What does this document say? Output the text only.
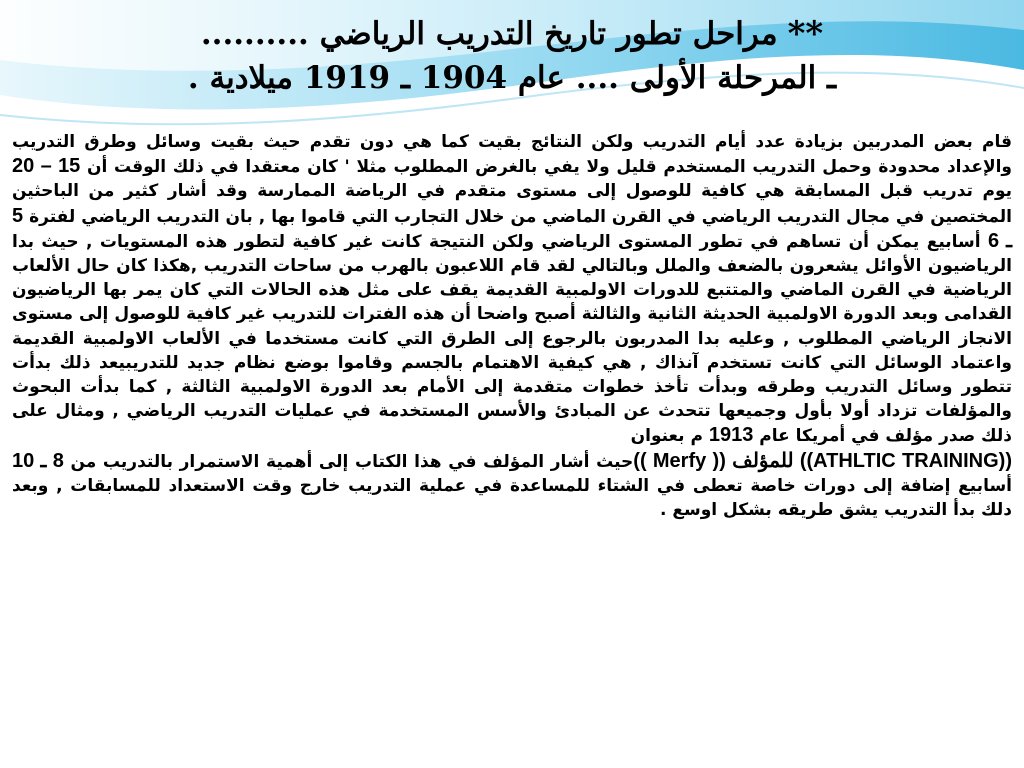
**
مراحل تطور تاريخ التدريب الرياضي ..........
ـ المرحلة الأولى .... عام 1904 ـ 1919 ميلادية .

قام بعض المدربين بزيادة عدد أيام التدريب ولكن النتائج بقيت كما هي دون تقدم حيث بقيت وسائل وطرق التدريب والإعداد محدودة وحمل التدريب المستخدم قليل ولا يفي بالغرض المطلوب مثلا ' كان معتقدا في ذلك الوقت أن 15 – 20 يوم تدريب قبل المسابقة هي كافية للوصول إلى مستوى متقدم في الرياضة الممارسة وقد أشار كثير من الباحثين المختصين في مجال التدريب الرياضي في القرن الماضي من خلال التجارب التي قاموا بها , بان التدريب الرياضي لفترة 5 ـ 6 أسابيع يمكن أن تساهم في تطور المستوى الرياضي ولكن النتيجة كانت غير كافية لتطور هذه المستويات , حيث بدا الرياضيون الأوائل يشعرون بالضعف والملل وبالتالي لقد قام اللاعبون بالهرب من ساحات التدريب ,هكذا كان حال الألعاب الرياضية في القرن الماضي والمتتبع للدورات الاولمبية القديمة يقف على مثل هذه الحالات التي كان يمر بها الرياضيون القدامى وبعد الدورة الاولمبية الحديثة الثانية والثالثة أصبح واضحا أن هذه الفترات للتدريب غير كافية للوصول إلى مستوى الانجاز الرياضي المطلوب , وعليه بدا المدربون بالرجوع إلى الطرق التي كانت مستخدما في الألعاب الاولمبية القديمة واعتماد الوسائل التي كانت تستخدم آنذاك , هي كيفية الاهتمام بالجسم وقاموا بوضع نظام جديد للتدريبيعد ذلك بدأت تتطور وسائل التدريب وطرقه وبدأت تأخذ خطوات متقدمة إلى الأمام بعد الدورة الاولمبية الثالثة , كما بدأت البحوث والمؤلفات تزداد أولا بأول وجميعها تتحدث عن المبادئ والأسس المستخدمة في عمليات التدريب الرياضي , ومثال على ذلك صدر مؤلف في أمريكا عام 1913 م بعنوان
((ATHLTIC TRAINING)) للمؤلف (( Merfy ))حيث أشار المؤلف في هذا الكتاب إلى أهمية الاستمرار بالتدريب من 8 ـ 10 أسابيع إضافة إلى دورات خاصة تعطى في الشتاء للمساعدة في عملية التدريب خارج وقت الاستعداد للمسابقات , وبعد دلك بدأ التدريب يشق طريقه بشكل اوسع .
